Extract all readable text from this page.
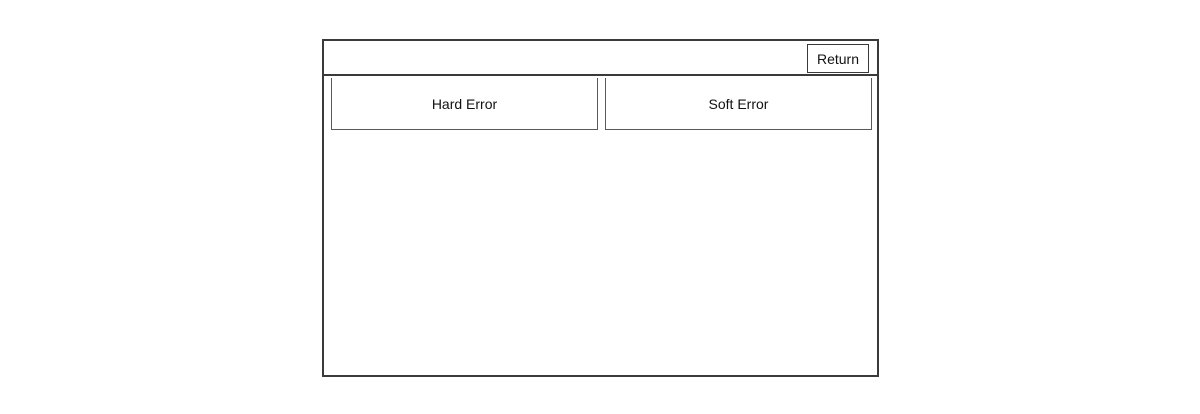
Return
Hard Error	Soft Error
